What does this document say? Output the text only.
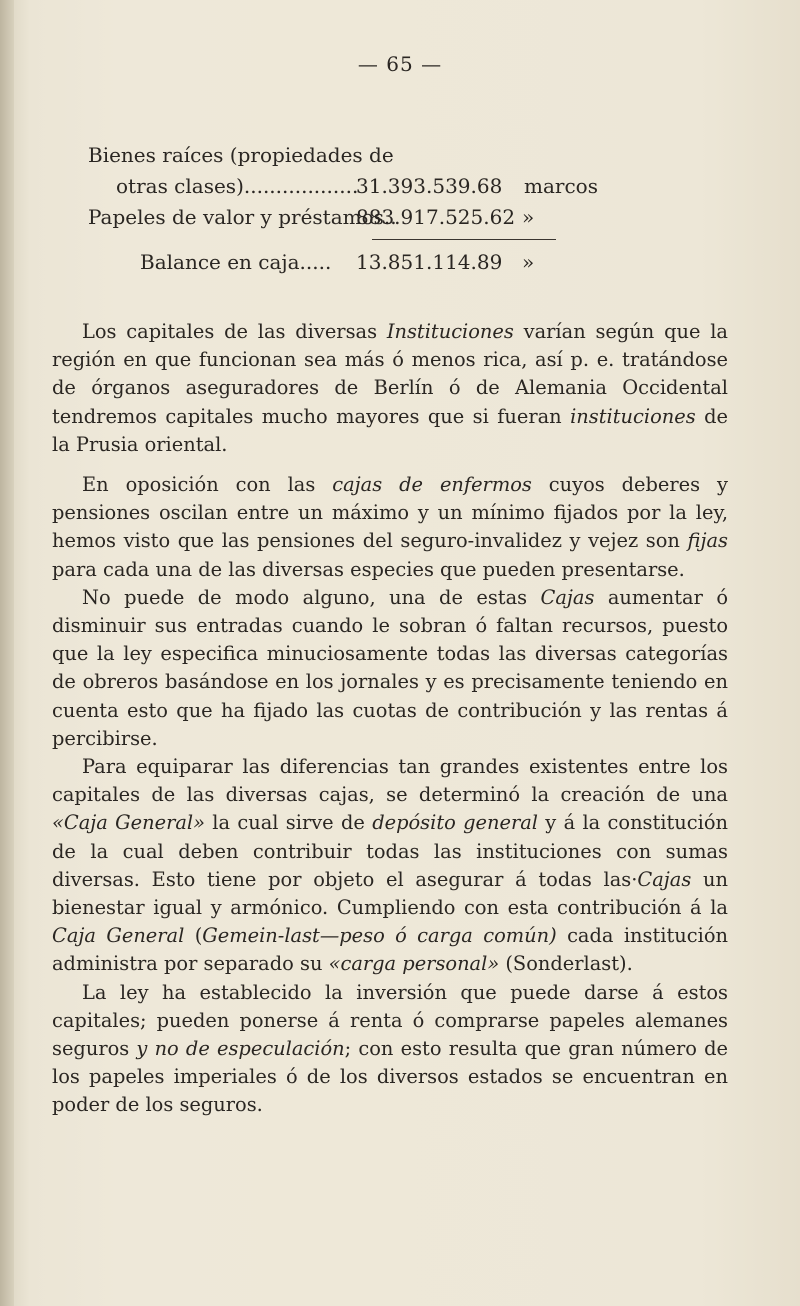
— 65 —
Bienes raíces (propiedades de
otras clases)..................
31.393.539.68 marcos
Papeles de valor y préstamos..
883.917.525.62 »
Balance en caja..... 13.851.114.89 »

Los capitales de las diversas Instituciones varían según que la región en que funcionan sea más ó menos rica, así p. e. tratándose de órganos aseguradores de Berlín ó de Alemania Occidental tendremos capitales mucho mayores que si fueran instituciones de la Prusia oriental.

En oposición con las cajas de enfermos cuyos deberes y pensiones oscilan entre un máximo y un mínimo fijados por la ley, hemos visto que las pensiones del seguro-invalidez y vejez son fijas para cada una de las diversas especies que pueden presentarse.

No puede de modo alguno, una de estas Cajas aumentar ó disminuir sus entradas cuando le sobran ó faltan recursos, puesto que la ley especifica minuciosamente todas las diversas categorías de obreros basándose en los jornales y es precisamente teniendo en cuenta esto que ha fijado las cuotas de contribución y las rentas á percibirse.

Para equiparar las diferencias tan grandes existentes entre los capitales de las diversas cajas, se determinó la creación de una «Caja General» la cual sirve de depósito general y á la constitución de la cual deben contribuir todas las instituciones con sumas diversas. Esto tiene por objeto el asegurar á todas las·Cajas un bienestar igual y armónico. Cumpliendo con esta contribución á la Caja General (Gemein-last—peso ó carga común) cada institución administra por separado su «carga personal» (Sonderlast).

La ley ha establecido la inversión que puede darse á estos capitales; pueden ponerse á renta ó comprarse papeles alemanes seguros y no de especulación; con esto resulta que gran número de los papeles imperiales ó de los diversos estados se encuentran en poder de los seguros.
